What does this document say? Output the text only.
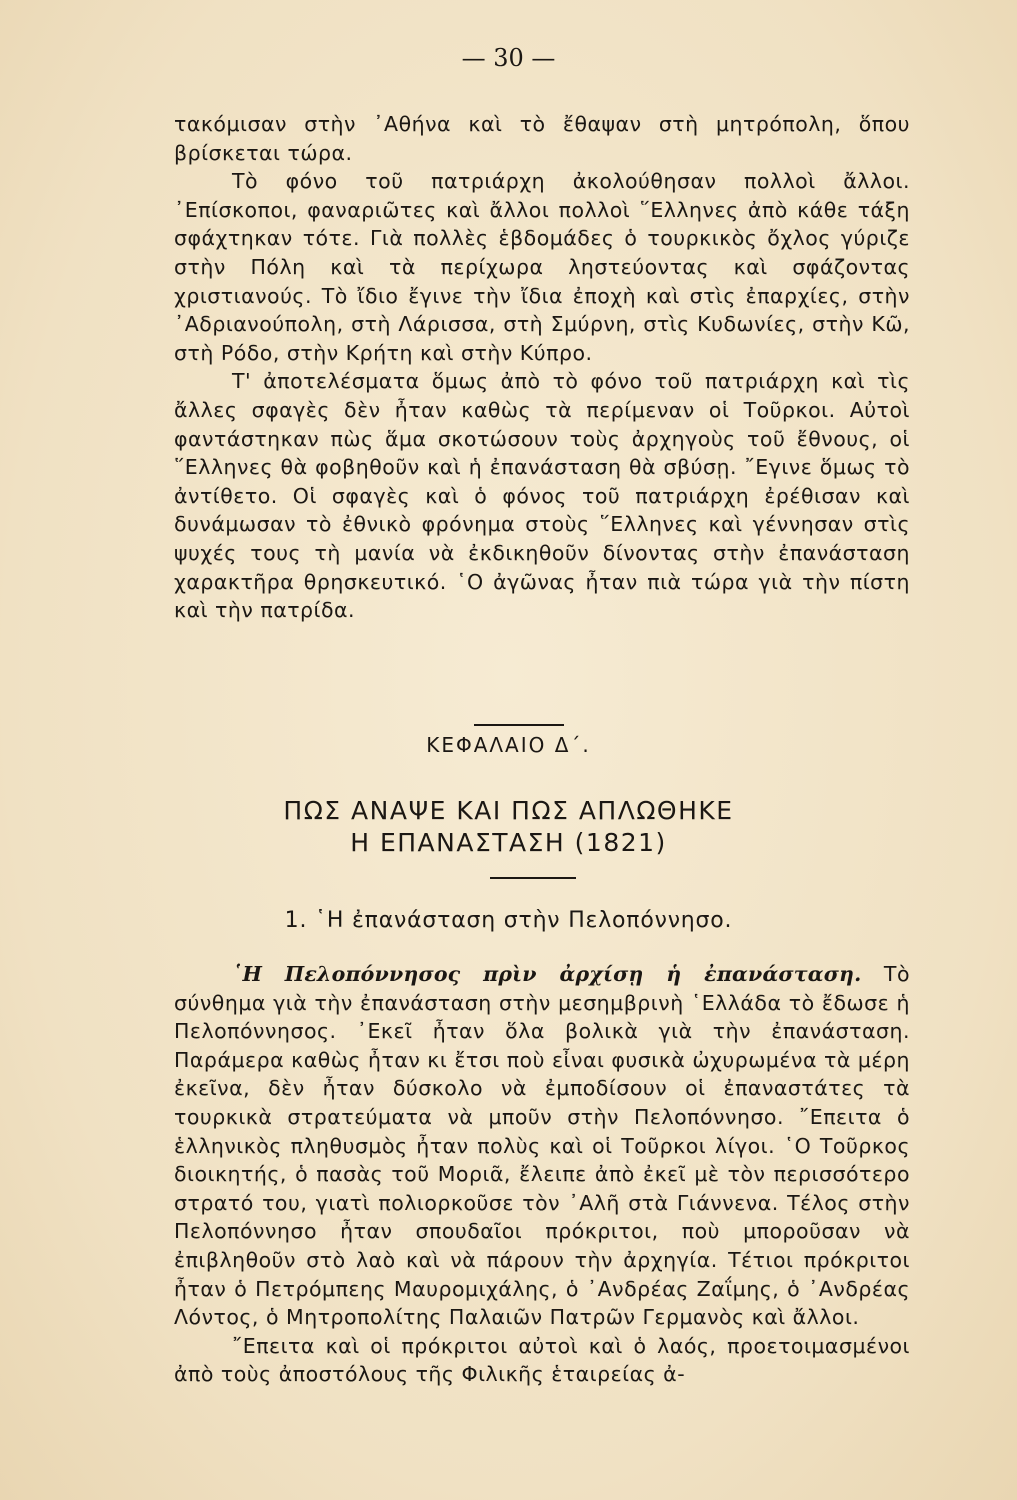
— 30 —

τακόμισαν στὴν ᾿Αθήνα καὶ τὸ ἔθαψαν στὴ μητρόπολη, ὅπου βρίσκεται τώρα.

Τὸ φόνο τοῦ πατριάρχη ἀκολούθησαν πολλοὶ ἄλλοι. ᾿Επίσκοποι, φαναριῶτες καὶ ἄλλοι πολλοὶ ῞Ελληνες ἀπὸ κάθε τάξη σφάχτηκαν τότε. Γιὰ πολλὲς ἑβδομάδες ὁ τουρκικὸς ὄχλος γύριζε στὴν Πόλη καὶ τὰ περίχωρα ληστεύοντας καὶ σφάζοντας χριστιανούς. Τὸ ἴδιο ἔγινε τὴν ἴδια ἐποχὴ καὶ στὶς ἐπαρχίες, στὴν ᾿Αδριανούπολη, στὴ Λάρισσα, στὴ Σμύρνη, στὶς Κυδωνίες, στὴν Κῶ, στὴ Ρόδο, στὴν Κρήτη καὶ στὴν Κύπρο.

Τ' ἀποτελέσματα ὅμως ἀπὸ τὸ φόνο τοῦ πατριάρχη καὶ τὶς ἄλλες σφαγὲς δὲν ἦταν καθὼς τὰ περίμεναν οἱ Τοῦρκοι. Αὐτοὶ φαντάστηκαν πὼς ἅμα σκοτώσουν τοὺς ἀρχηγοὺς τοῦ ἔθνους, οἱ ῞Ελληνες θὰ φοβηθοῦν καὶ ἡ ἐπανάσταση θὰ σβύσῃ. ῎Εγινε ὅμως τὸ ἀντίθετο. Οἱ σφαγὲς καὶ ὁ φόνος τοῦ πατριάρχη ἐρέθισαν καὶ δυνάμωσαν τὸ ἐθνικὸ φρόνημα στοὺς ῞Ελληνες καὶ γέννησαν στὶς ψυχές τους τὴ μανία νὰ ἐκδικηθοῦν δίνοντας στὴν ἐπανάσταση χαρακτῆρα θρησκευτικό. ῾Ο ἀγῶνας ἦταν πιὰ τώρα γιὰ τὴν πίστη καὶ τὴν πατρίδα.

ΚΕΦΑΛΑΙΟ Δ΄.
ΠΩΣ ΑΝΑΨΕ ΚΑΙ ΠΩΣ ΑΠΛΩΘΗΚΕ
Η ΕΠΑΝΑΣΤΑΣΗ (1821)
1. ῾Η ἐπανάσταση στὴν Πελοπόννησο.

῾Η Πελοπόννησος πρὶν ἀρχίσῃ ἡ ἐπανάσταση. Τὸ σύνθημα γιὰ τὴν ἐπανάσταση στὴν μεσημβρινὴ ῾Ελλάδα τὸ ἔδωσε ἡ Πελοπόννησος. ᾿Εκεῖ ἦταν ὅλα βολικὰ γιὰ τὴν ἐπανάσταση. Παράμερα καθὼς ἦταν κι ἔτσι ποὺ εἶναι φυσικὰ ὠχυρωμένα τὰ μέρη ἐκεῖνα, δὲν ἦταν δύσκολο νὰ ἐμποδίσουν οἱ ἐπαναστάτες τὰ τουρκικὰ στρατεύματα νὰ μποῦν στὴν Πελοπόννησο. ῎Επειτα ὁ ἑλληνικὸς πληθυσμὸς ἦταν πολὺς καὶ οἱ Τοῦρκοι λίγοι. ῾Ο Τοῦρκος διοικητής, ὁ πασὰς τοῦ Μοριᾶ, ἔλειπε ἀπὸ ἐκεῖ μὲ τὸν περισσότερο στρατό του, γιατὶ πολιορκοῦσε τὸν ᾿Αλῆ στὰ Γιάννενα. Τέλος στὴν Πελοπόννησο ἦταν σπουδαῖοι πρόκριτοι, ποὺ μποροῦσαν νὰ ἐπιβληθοῦν στὸ λαὸ καὶ νὰ πάρουν τὴν ἀρχηγία. Τέτιοι πρόκριτοι ἦταν ὁ Πετρόμπεης Μαυρομιχάλης, ὁ ᾿Ανδρέας Ζαΐμης, ὁ ᾿Ανδρέας Λόντος, ὁ Μητροπολίτης Παλαιῶν Πατρῶν Γερμανὸς καὶ ἄλλοι.

῎Επειτα καὶ οἱ πρόκριτοι αὐτοὶ καὶ ὁ λαός, προετοιμασμένοι ἀπὸ τοὺς ἀποστόλους τῆς Φιλικῆς ἑταιρείας ἀ-
